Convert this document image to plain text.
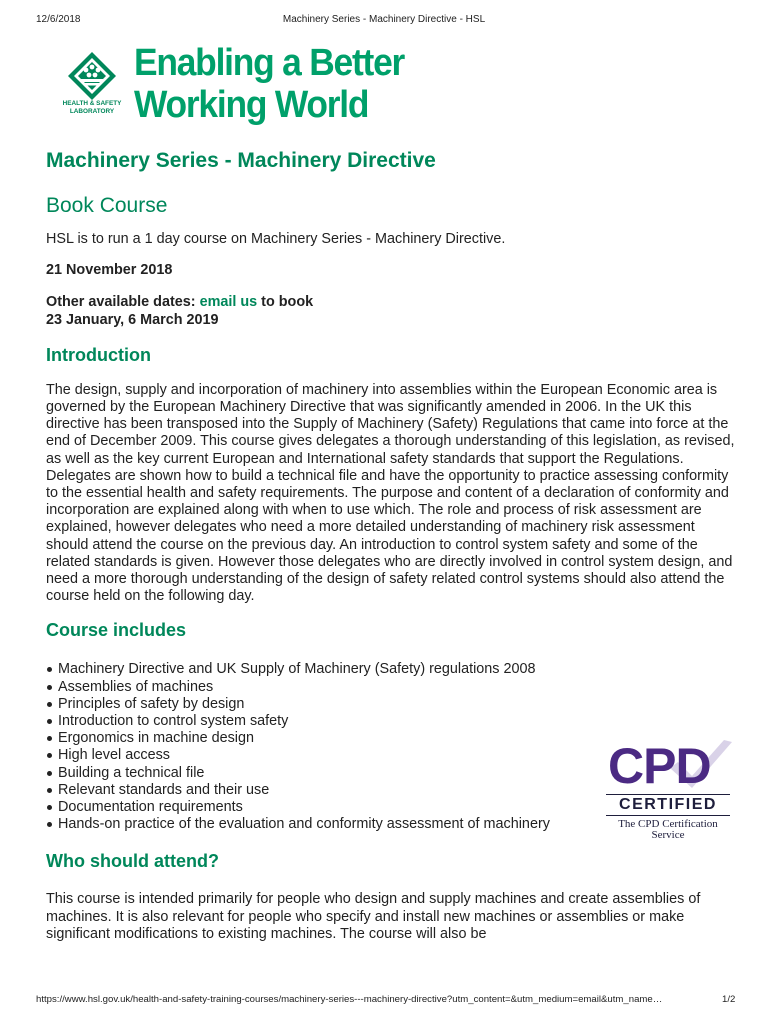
12/6/2018	Machinery Series - Machinery Directive - HSL
HEALTH & SAFETY
LABORATORY
Enabling a Better
Working World
Machinery Series - Machinery Directive
Book Course

HSL is to run a 1 day course on Machinery Series - Machinery Directive.

21 November 2018

Other available dates: email us to book
23 January, 6 March 2019

Introduction

The design, supply and incorporation of machinery into assemblies within the European Economic area is governed by the European Machinery Directive that was significantly amended in 2006. In the UK this directive has been transposed into the Supply of Machinery (Safety) Regulations that came into force at the end of December 2009. This course gives delegates a thorough understanding of this legislation, as revised, as well as the key current European and International safety standards that support the Regulations. Delegates are shown how to build a technical file and have the opportunity to practice assessing conformity to the essential health and safety requirements. The purpose and content of a declaration of conformity and incorporation are explained along with when to use which. The role and process of risk assessment are explained, however delegates who need a more detailed understanding of machinery risk assessment should attend the course on the previous day. An introduction to control system safety and some of the related standards is given. However those delegates who are directly involved in control system design, and need a more thorough understanding of the design of safety related control systems should also attend the course held on the following day.

Course includes
Machinery Directive and UK Supply of Machinery (Safety) regulations 2008
Assemblies of machines
Principles of safety by design
Introduction to control system safety
Ergonomics in machine design
High level access
Building a technical file
Relevant standards and their use
Documentation requirements
Hands-on practice of the evaluation and conformity assessment of machinery
Who should attend?

This course is intended primarily for people who design and supply machines and create assemblies of machines. It is also relevant for people who specify and install new machines or assemblies or make significant modifications to existing machines. The course will also be

CPD
CERTIFIED
The CPD Certification
Service
https://www.hsl.gov.uk/health-and-safety-training-courses/machinery-series---machinery-directive?utm_content=&utm_medium=email&utm_name…	1/2
